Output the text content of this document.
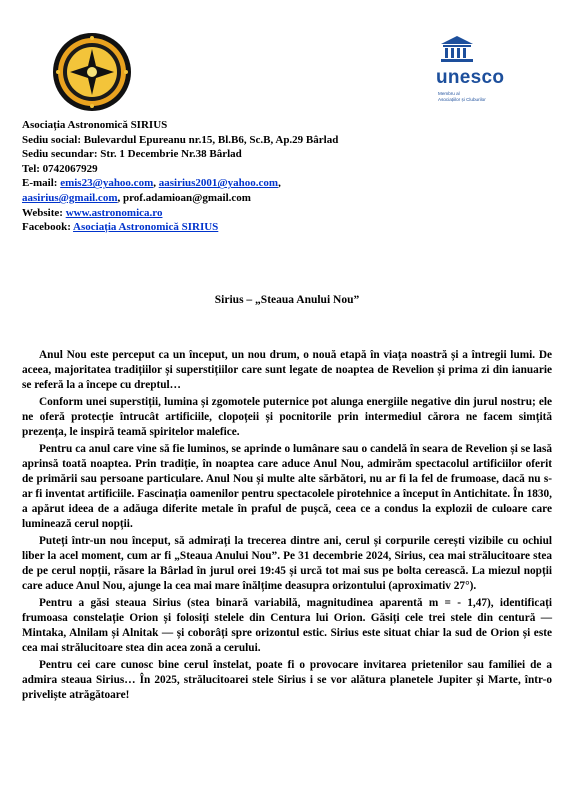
unesco
Membru al
Asociațiilor și Cluburilor
Asociația Astronomică SIRIUS
Sediu social: Bulevardul Epureanu nr.15, Bl.B6, Sc.B, Ap.29 Bârlad
Sediu secundar: Str. 1 Decembrie Nr.38 Bârlad
Tel: 0742067929
E-mail: emis23@yahoo.com, aasirius2001@yahoo.com,
aasirius@gmail.com, prof.adamioan@gmail.com
Website: www.astronomica.ro
Facebook: Asociația Astronomică SIRIUS
Sirius – „Steaua Anului Nou”

Anul Nou este perceput ca un început, un nou drum, o nouă etapă în viața noastră și a întregii lumi. De aceea, majoritatea tradițiilor și superstițiilor care sunt legate de noaptea de Revelion și prima zi din ianuarie se referă la a începe cu dreptul…

Conform unei superstiții, lumina și zgomotele puternice pot alunga energiile negative din jurul nostru; ele ne oferă protecție întrucât artificiile, clopoțeii și pocnitorile prin intermediul cărora ne facem simțită prezența, le inspiră teamă spiritelor malefice.

Pentru ca anul care vine să fie luminos, se aprinde o lumânare sau o candelă în seara de Revelion și se lasă aprinsă toată noaptea. Prin tradiție, în noaptea care aduce Anul Nou, admirăm spectacolul artificiilor oferit de primării sau persoane particulare. Anul Nou și multe alte sărbători, nu ar fi la fel de frumoase, dacă nu s-ar fi inventat artificiile. Fascinația oamenilor pentru spectacolele pirotehnice a început în Antichitate. În 1830, a apărut ideea de a adăuga diferite metale în praful de pușcă, ceea ce a condus la explozii de culoare care luminează cerul nopții.

Puteți într-un nou început, să admirați la trecerea dintre ani, cerul și corpurile cerești vizibile cu ochiul liber la acel moment, cum ar fi „Steaua Anului Nou”. Pe 31 decembrie 2024, Sirius, cea mai strălucitoare stea de pe cerul nopții, răsare la Bârlad în jurul orei 19:45 și urcă tot mai sus pe bolta cerească. La miezul nopții care aduce Anul Nou, ajunge la cea mai mare înălțime deasupra orizontului (aproximativ 27°).

Pentru a găsi steaua Sirius (stea binară variabilă, magnitudinea aparentă m = - 1,47), identificați frumoasa constelație Orion și folosiți stelele din Centura lui Orion. Găsiți cele trei stele din centură — Mintaka, Alnilam și Alnitak — și coborâți spre orizontul estic. Sirius este situat chiar la sud de Orion și este cea mai strălucitoare stea din acea zonă a cerului.

Pentru cei care cunosc bine cerul înstelat, poate fi o provocare invitarea prietenilor sau familiei de a admira steaua Sirius… În 2025, strălucitoarei stele Sirius i se vor alătura planetele Jupiter și Marte, într-o priveliște atrăgătoare!
